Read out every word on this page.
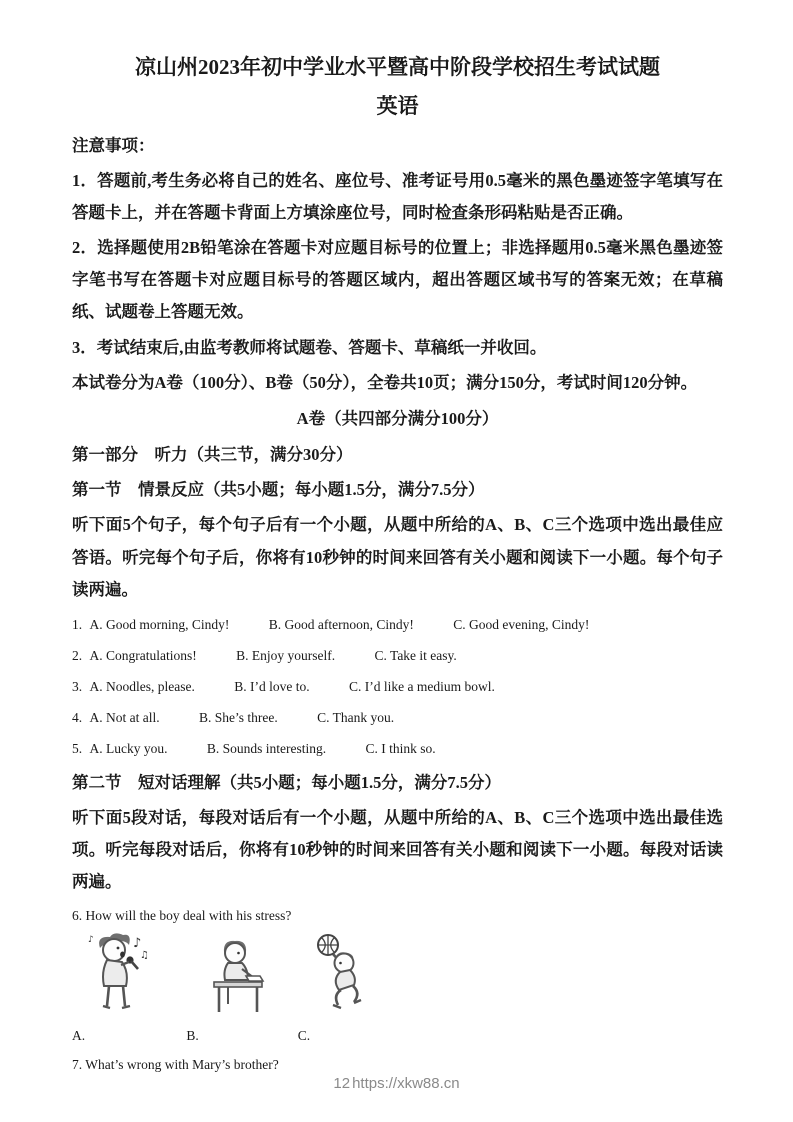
凉山州2023年初中学业水平暨高中阶段学校招生考试试题
英语
注意事项：

1．答题前,考生务必将自己的姓名、座位号、准考证号用0.5毫米的黑色墨迹签字笔填写在答题卡上，并在答题卡背面上方填涂座位号，同时检查条形码粘贴是否正确。

2．选择题使用2B铅笔涂在答题卡对应题目标号的位置上；非选择题用0.5毫米黑色墨迹签字笔书写在答题卡对应题目标号的答题区域内，超出答题区域书写的答案无效；在草稿纸、试题卷上答题无效。

3．考试结束后,由监考教师将试题卷、答题卡、草稿纸一并收回。

本试卷分为A卷（100分）、B卷（50分），全卷共10页；满分150分，考试时间120分钟。

A卷（共四部分满分100分）

第一部分　听力（共三节，满分30分）

第一节　情景反应（共5小题；每小题1.5分，满分7.5分）

听下面5个句子，每个句子后有一个小题，从题中所给的A、B、C三个选项中选出最佳应答语。听完每个句子后，你将有10秒钟的时间来回答有关小题和阅读下一小题。每个句子读两遍。

1. A. Good morning, Cindy!	B. Good afternoon, Cindy!	C. Good evening, Cindy!
2. A. Congratulations!	B. Enjoy yourself.	C. Take it easy.
3. A. Noodles, please.	B. I’d love to.	C. I’d like a medium bowl.
4. A. Not at all.	B. She’s three.	C. Thank you.
5. A. Lucky you.	B. Sounds interesting.	C. I think so.

第二节　短对话理解（共5小题；每小题1.5分，满分7.5分）

听下面5段对话，每段对话后有一个小题，从题中所给的A、B、C三个选项中选出最佳选项。听完每段对话后，你将有10秒钟的时间来回答有关小题和阅读下一小题。每段对话读两遍。

6. How will the boy deal with his stress?

♪
♫
♪
A.	B.	C.

7. What’s wrong with Mary’s brother?

12 https://xkw88.cn
